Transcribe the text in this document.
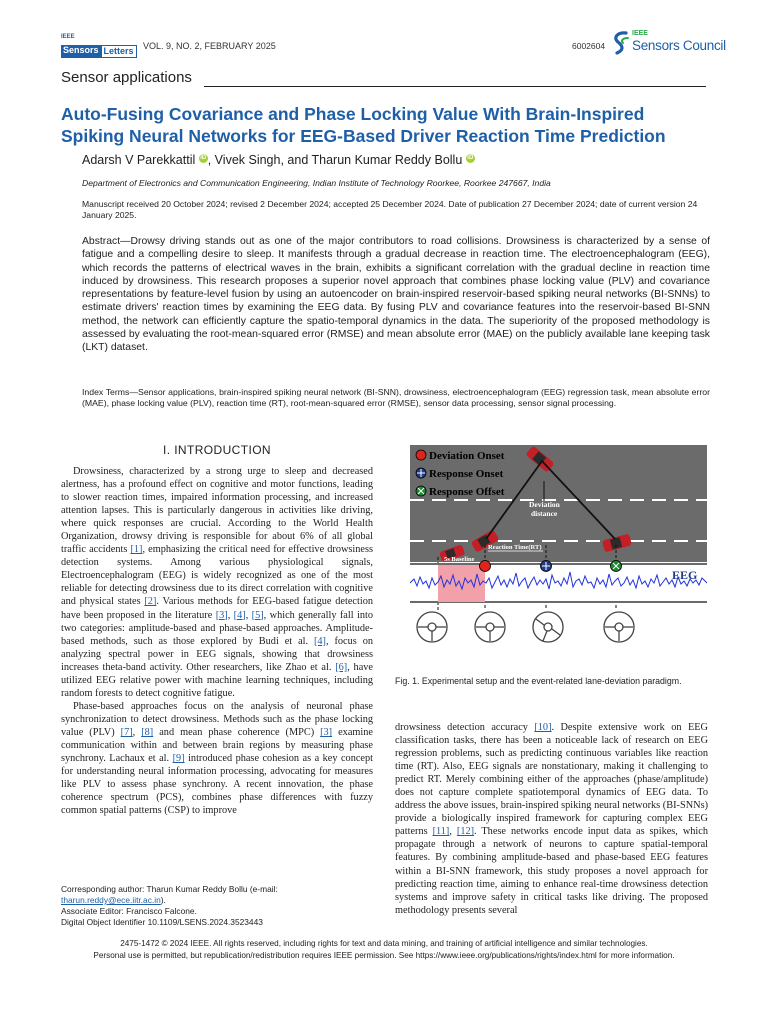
IEEE
Sensors Letters	VOL. 9, NO. 2, FEBRUARY 2025	6002604
IEEE
Sensors Council
Sensor applications
Auto-Fusing Covariance and Phase Locking Value With Brain-Inspired
Spiking Neural Networks for EEG-Based Driver Reaction Time Prediction
Adarsh V Parekkattil iD , Vivek Singh, and Tharun Kumar Reddy Bollu iD
Department of Electronics and Communication Engineering, Indian Institute of Technology Roorkee, Roorkee 247667, India
Manuscript received 20 October 2024; revised 2 December 2024; accepted 25 December 2024. Date of publication 27 December 2024; date of current version 24 January 2025.
Abstract—Drowsy driving stands out as one of the major contributors to road collisions. Drowsiness is characterized by a sense of fatigue and a compelling desire to sleep. It manifests through a gradual decrease in reaction time. The electroencephalogram (EEG), which records the patterns of electrical waves in the brain, exhibits a significant correlation with the gradual decline in reaction time induced by drowsiness. This research proposes a superior novel approach that combines phase locking value (PLV) and covariance representations by feature-level fusion by using an autoencoder on brain-inspired reservoir-based spiking neural networks (BI-SNNs) to estimate drivers' reaction times by examining the EEG data. By fusing PLV and covariance features into the reservoir-based BI-SNN method, the network can efficiently capture the spatio-temporal dynamics in the data. The superiority of the proposed methodology is assessed by evaluating the root-mean-squared error (RMSE) and mean absolute error (MAE) on the publicly available lane keeping task (LKT) dataset.
Index Terms—Sensor applications, brain-inspired spiking neural network (BI-SNN), drowsiness, electroencephalogram (EEG) regression task, mean absolute error (MAE), phase locking value (PLV), reaction time (RT), root-mean-squared error (RMSE), sensor data processing, sensor signal processing.
I. INTRODUCTION

Drowsiness, characterized by a strong urge to sleep and decreased alertness, has a profound effect on cognitive and motor functions, leading to slower reaction times, impaired information processing, and increased attention lapses. This is particularly dangerous in activities like driving, where quick responses are crucial. According to the World Health Organization, drowsy driving is responsible for about 6% of all global traffic accidents [1], emphasizing the critical need for effective drowsiness detection systems. Among various physiological signals, Electroencephalogram (EEG) is widely recognized as one of the most reliable for detecting drowsiness due to its direct correlation with cognitive and physical states [2]. Various methods for EEG-based fatigue detection have been proposed in the literature [3], [4], [5], which generally fall into two categories: amplitude-based and phase-based approaches. Amplitude-based methods, such as those explored by Budi et al. [4], focus on analyzing spectral power in EEG signals, showing that drowsiness increases theta-band activity. Other researchers, like Zhao et al. [6], have utilized EEG relative power with machine learning techniques, including random forests to detect cognitive fatigue.

Phase-based approaches focus on the analysis of neuronal phase synchronization to detect drowsiness. Methods such as the phase locking value (PLV) [7], [8] and mean phase coherence (MPC) [3] examine communication within and between brain regions by measuring phase synchrony. Lachaux et al. [9] introduced phase cohesion as a key concept for understanding neural information processing, advocating for measures like PLV to assess phase synchrony. A recent innovation, the phase coherence spectrum (PCS), combines phase differences with fuzzy common spatial patterns (CSP) to improve

Corresponding author: Tharun Kumar Reddy Bollu (e-mail: tharun.reddy@ece.iitr.ac.in).
Associate Editor: Francisco Falcone.
Digital Object Identifier 10.1109/LSENS.2024.3523443
Deviation Onset
Response Onset
Response Offset
Deviation
distance
5s Baseline
Reaction Time(RT)
EEG
Fig. 1. Experimental setup and the event-related lane-deviation paradigm.

drowsiness detection accuracy [10]. Despite extensive work on EEG classification tasks, there has been a noticeable lack of research on EEG regression problems, such as predicting continuous variables like reaction time (RT). Also, EEG signals are nonstationary, making it challenging to predict RT. Merely combining either of the approaches (phase/amplitude) does not capture complete spatiotemporal dynamics of EEG data. To address the above issues, brain-inspired spiking neural networks (BI-SNNs) provide a biologically inspired framework for capturing complex EEG patterns [11], [12]. These networks encode input data as spikes, which propagate through a network of neurons to capture spatial-temporal features. By combining amplitude-based and phase-based EEG features within a BI-SNN framework, this study proposes a novel approach for predicting reaction time, aiming to enhance real-time drowsiness detection systems and improve safety in critical tasks like driving. The proposed methodology presents several

2475-1472 © 2024 IEEE. All rights reserved, including rights for text and data mining, and training of artificial intelligence and similar technologies.
Personal use is permitted, but republication/redistribution requires IEEE permission. See https://www.ieee.org/publications/rights/index.html for more information.
